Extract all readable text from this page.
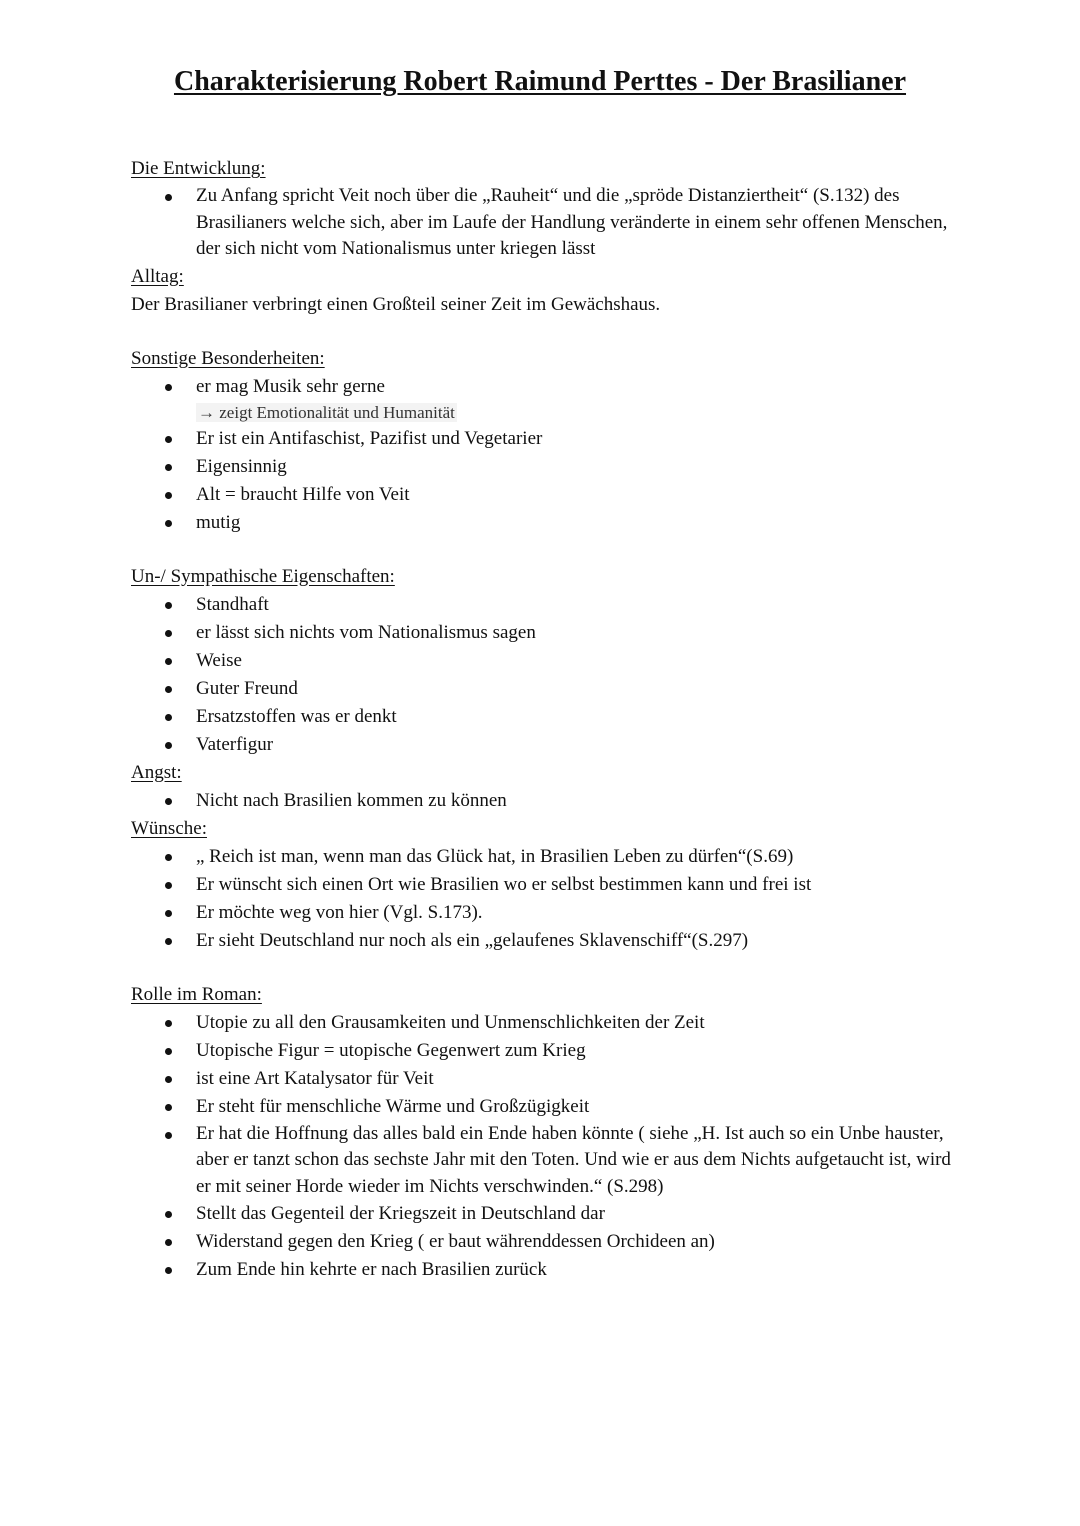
Charakterisierung Robert Raimund Perttes - Der Brasilianer
Die Entwicklung:
Zu Anfang spricht Veit noch über die „Rauheit“ und die „spröde Distanziertheit“ (S.132) des Brasilianers welche sich, aber im Laufe der Handlung veränderte in einem sehr offenen Menschen, der sich nicht vom Nationalismus unter kriegen lässt
Alltag:
Der Brasilianer verbringt einen Großteil seiner Zeit im Gewächshaus.
Sonstige Besonderheiten:
er mag Musik sehr gerne
→ zeigt Emotionalität und Humanität
Er ist ein Antifaschist, Pazifist und Vegetarier
Eigensinnig
Alt = braucht Hilfe von Veit
mutig
Un-/ Sympathische Eigenschaften:
Standhaft
er lässt sich nichts vom Nationalismus sagen
Weise
Guter Freund
Ersatzstoffen was er denkt
Vaterfigur
Angst:
Nicht nach Brasilien kommen zu können
Wünsche:
„ Reich ist man, wenn man das Glück hat, in Brasilien Leben zu dürfen“(S.69)
Er wünscht sich einen Ort wie Brasilien wo er selbst bestimmen kann und frei ist
Er möchte weg von hier (Vgl. S.173).
Er sieht Deutschland nur noch als ein „gelaufenes Sklavenschiff“(S.297)
Rolle im Roman:
Utopie zu all den Grausamkeiten und Unmenschlichkeiten der Zeit
Utopische Figur = utopische Gegenwert zum Krieg
ist eine Art Katalysator für Veit
Er steht für menschliche Wärme und Großzügigkeit
Er hat die Hoffnung das alles bald ein Ende haben könnte ( siehe „H. Ist auch so ein Unbe hauster, aber er tanzt schon das sechste Jahr mit den Toten. Und wie er aus dem Nichts aufgetaucht ist, wird er mit seiner Horde wieder im Nichts verschwinden.“ (S.298)
Stellt das Gegenteil der Kriegszeit in Deutschland dar
Widerstand gegen den Krieg ( er baut währenddessen Orchideen an)
Zum Ende hin kehrte er nach Brasilien zurück
